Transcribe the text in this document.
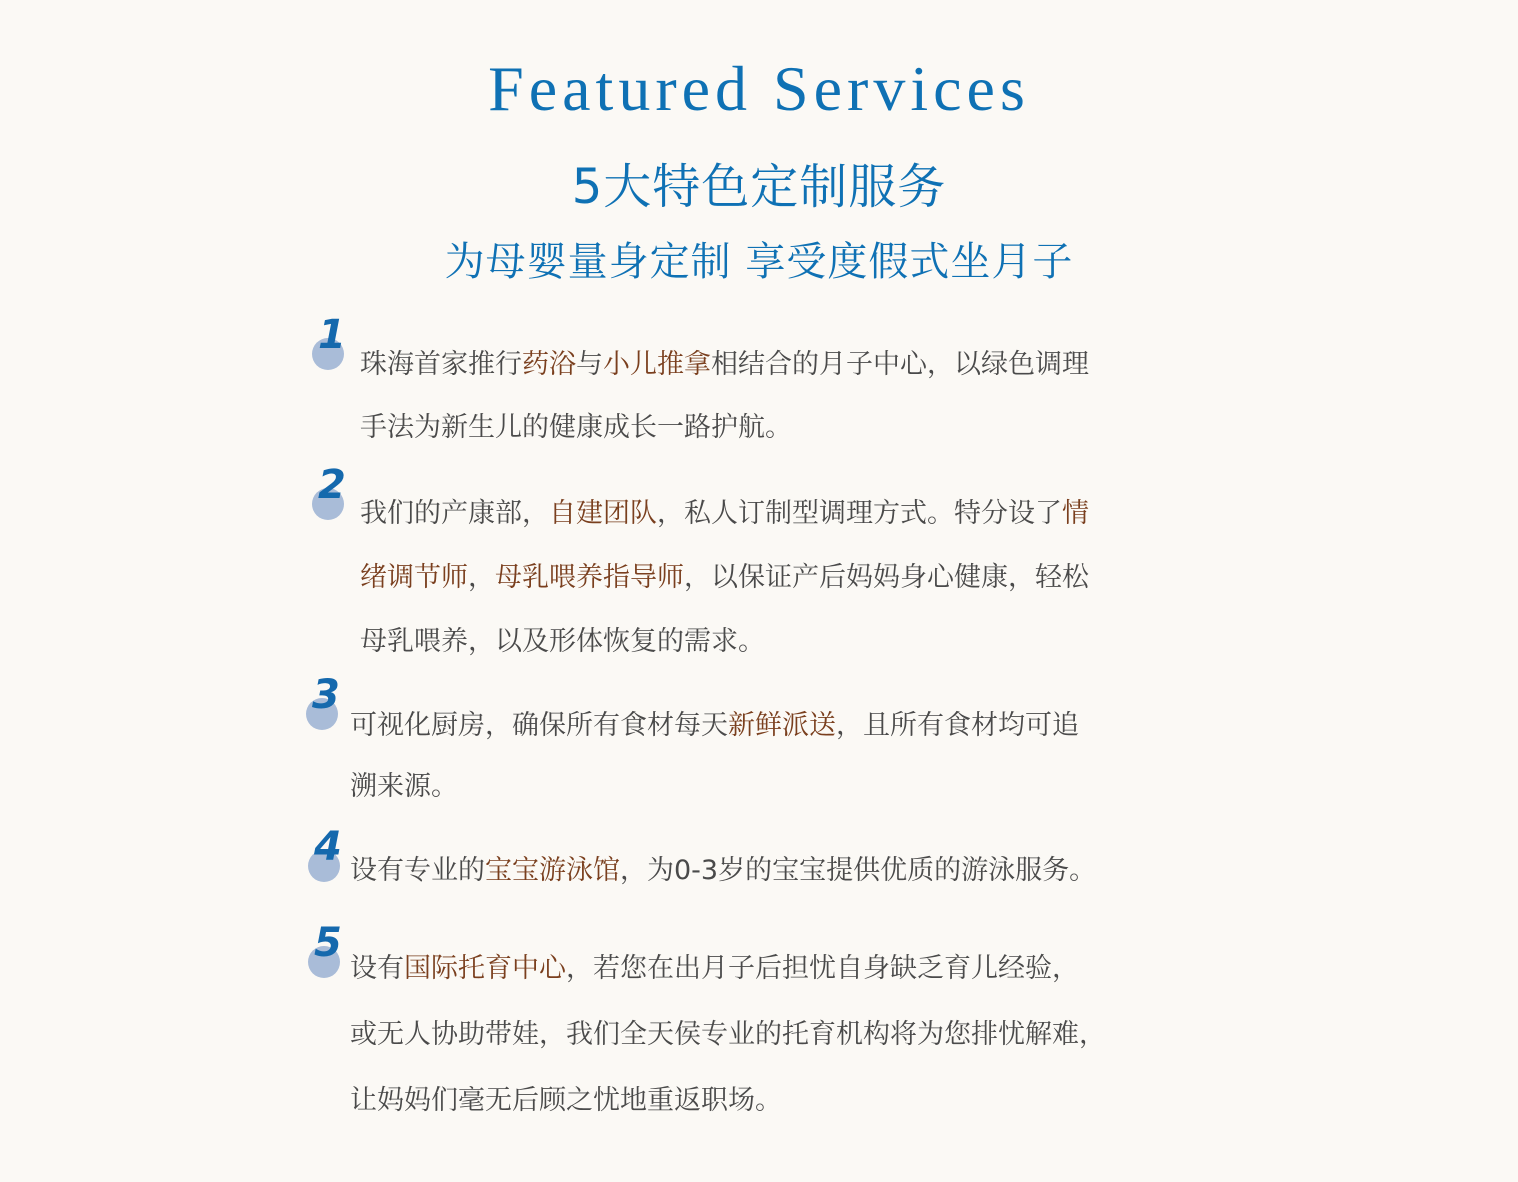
Featured Services
5大特色定制服务
为母婴量身定制 享受度假式坐月子
1
珠海首家推行药浴与小儿推拿相结合的月子中心，以绿色调理
手法为新生儿的健康成长一路护航。
2
我们的产康部，自建团队，私人订制型调理方式。特分设了情
绪调节师，母乳喂养指导师，以保证产后妈妈身心健康，轻松
母乳喂养，以及形体恢复的需求。
3
可视化厨房，确保所有食材每天新鲜派送，且所有食材均可追
溯来源。
4
设有专业的宝宝游泳馆，为0-3岁的宝宝提供优质的游泳服务。
5
设有国际托育中心，若您在出月子后担忧自身缺乏育儿经验，
或无人协助带娃，我们全天侯专业的托育机构将为您排忧解难，
让妈妈们毫无后顾之忧地重返职场。
